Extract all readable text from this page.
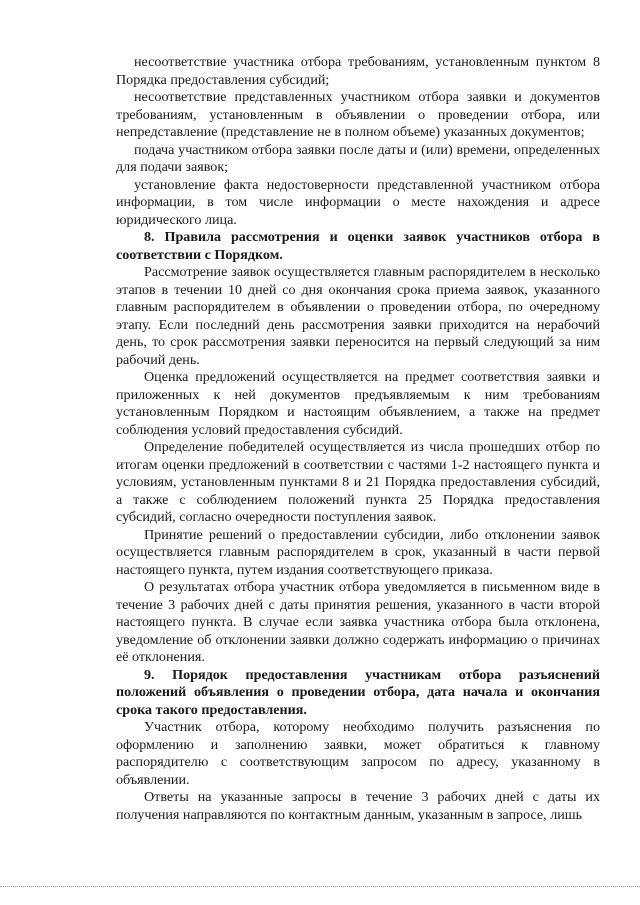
несоответствие участника отбора требованиям, установленным пунктом 8 Порядка предоставления субсидий;

несоответствие представленных участником отбора заявки и документов требованиям, установленным в объявлении о проведении отбора, или непредставление (представление не в полном объеме) указанных документов;

подача участником отбора заявки после даты и (или) времени, определенных для подачи заявок;

установление факта недостоверности представленной участником отбора информации, в том числе информации о месте нахождения и адресе юридического лица.

8. Правила рассмотрения и оценки заявок участников отбора в соответствии с Порядком.

Рассмотрение заявок осуществляется главным распорядителем в несколько этапов в течении 10 дней со дня окончания срока приема заявок, указанного главным распорядителем в объявлении о проведении отбора, по очередному этапу. Если последний день рассмотрения заявки приходится на нерабочий день, то срок рассмотрения заявки переносится на первый следующий за ним рабочий день.

Оценка предложений осуществляется на предмет соответствия заявки и приложенных к ней документов предъявляемым к ним требованиям установленным Порядком и настоящим объявлением, а также на предмет соблюдения условий предоставления субсидий.

Определение победителей осуществляется из числа прошедших отбор по итогам оценки предложений в соответствии с частями 1-2 настоящего пункта и условиям, установленным пунктами 8 и 21 Порядка предоставления субсидий, а также с соблюдением положений пункта 25 Порядка предоставления субсидий, согласно очередности поступления заявок.

Принятие решений о предоставлении субсидии, либо отклонении заявок осуществляется главным распорядителем в срок, указанный в части первой настоящего пункта, путем издания соответствующего приказа.

О результатах отбора участник отбора уведомляется в письменном виде в течение 3 рабочих дней с даты принятия решения, указанного в части второй настоящего пункта. В случае если заявка участника отбора была отклонена, уведомление об отклонении заявки должно содержать информацию о причинах её отклонения.

9. Порядок предоставления участникам отбора разъяснений положений объявления о проведении отбора, дата начала и окончания срока такого предоставления.

Участник отбора, которому необходимо получить разъяснения по оформлению и заполнению заявки, может обратиться к главному распорядителю с соответствующим запросом по адресу, указанному в объявлении.

Ответы на указанные запросы в течение 3 рабочих дней с даты их получения направляются по контактным данным, указанным в запросе, лишь
